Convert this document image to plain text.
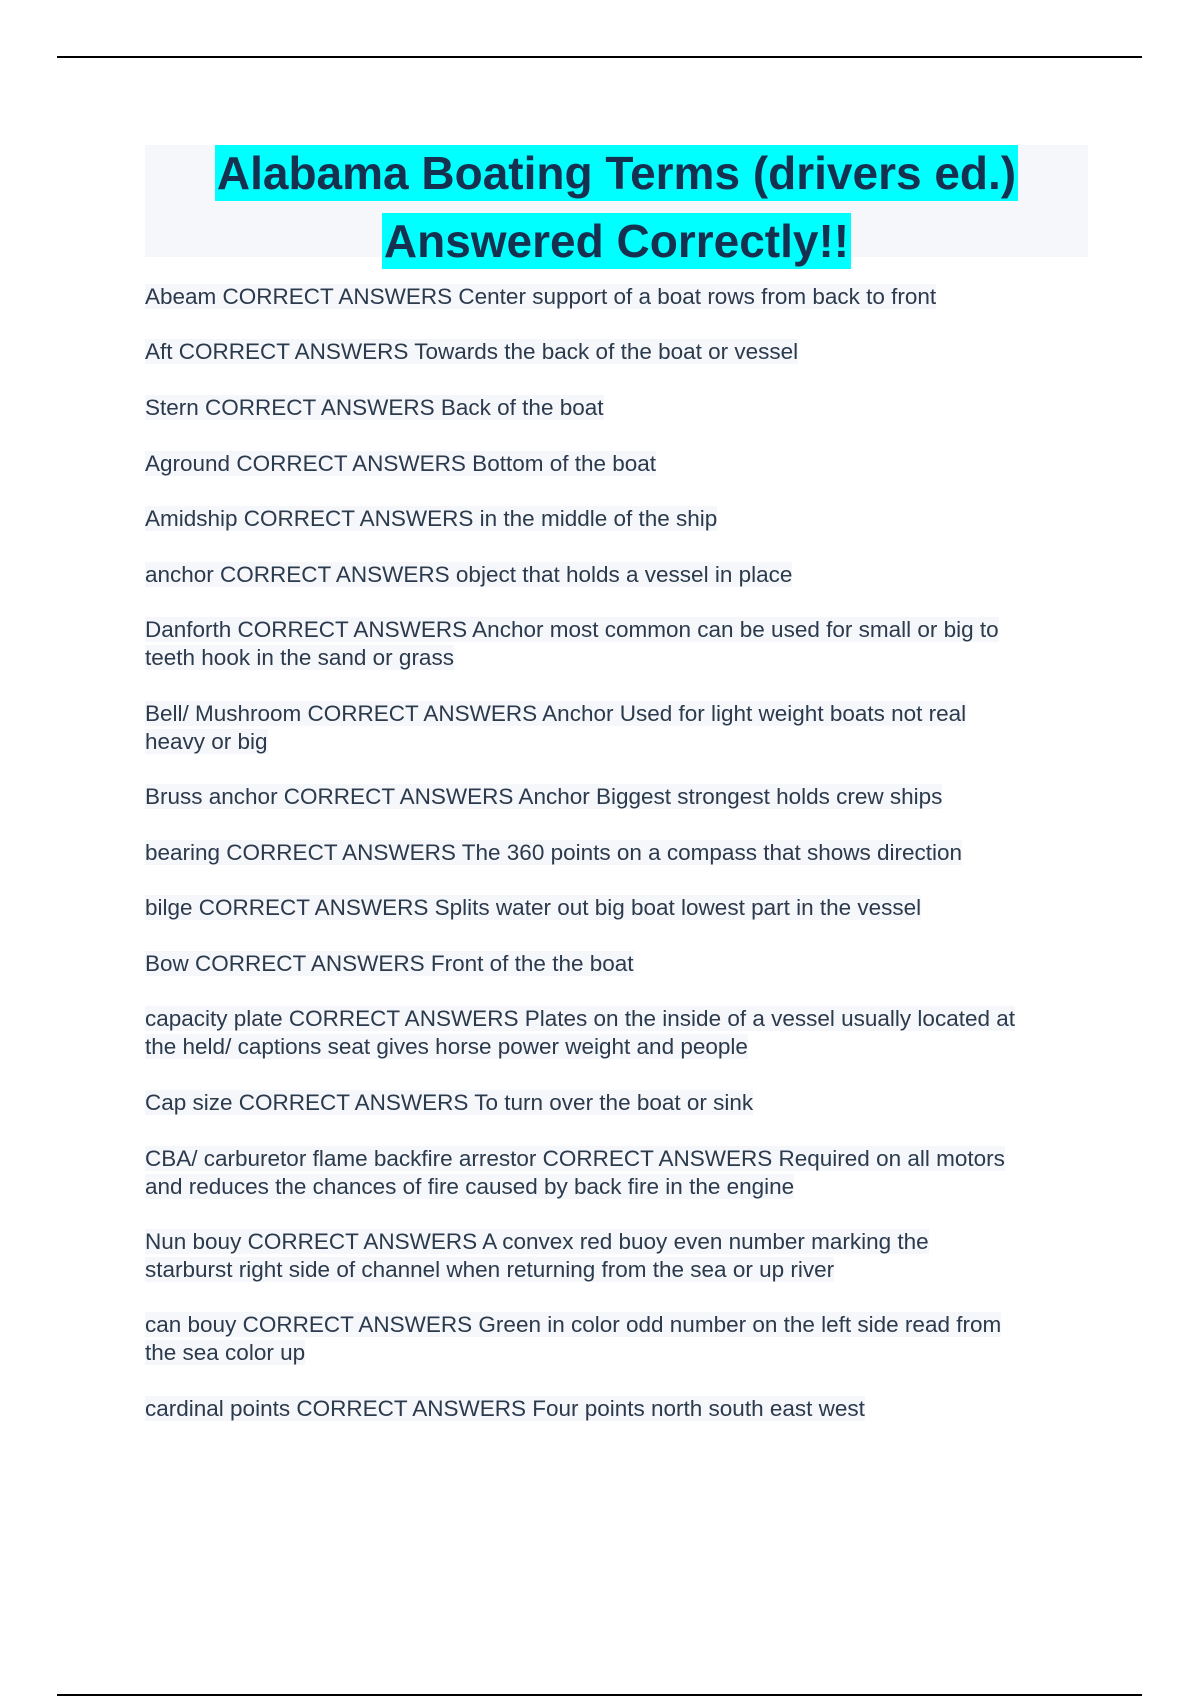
Alabama Boating Terms (drivers ed.)
Answered Correctly!!
Abeam CORRECT ANSWERS Center support of a boat rows from back to front
Aft CORRECT ANSWERS Towards the back of the boat or vessel
Stern CORRECT ANSWERS Back of the boat
Aground CORRECT ANSWERS Bottom of the boat
Amidship CORRECT ANSWERS in the middle of the ship
anchor CORRECT ANSWERS object that holds a vessel in place
Danforth CORRECT ANSWERS Anchor most common can be used for small or big to
teeth hook in the sand or grass
Bell/ Mushroom CORRECT ANSWERS Anchor Used for light weight boats not real
heavy or big
Bruss anchor CORRECT ANSWERS Anchor Biggest strongest holds crew ships
bearing CORRECT ANSWERS The 360 points on a compass that shows direction
bilge CORRECT ANSWERS Splits water out big boat lowest part in the vessel
Bow CORRECT ANSWERS Front of the the boat
capacity plate CORRECT ANSWERS Plates on the inside of a vessel usually located at
the held/ captions seat gives horse power weight and people
Cap size CORRECT ANSWERS To turn over the boat or sink
CBA/ carburetor flame backfire arrestor CORRECT ANSWERS Required on all motors
and reduces the chances of fire caused by back fire in the engine
Nun bouy CORRECT ANSWERS A convex red buoy even number marking the
starburst right side of channel when returning from the sea or up river
can bouy CORRECT ANSWERS Green in color odd number on the left side read from
the sea color up
cardinal points CORRECT ANSWERS Four points north south east west
